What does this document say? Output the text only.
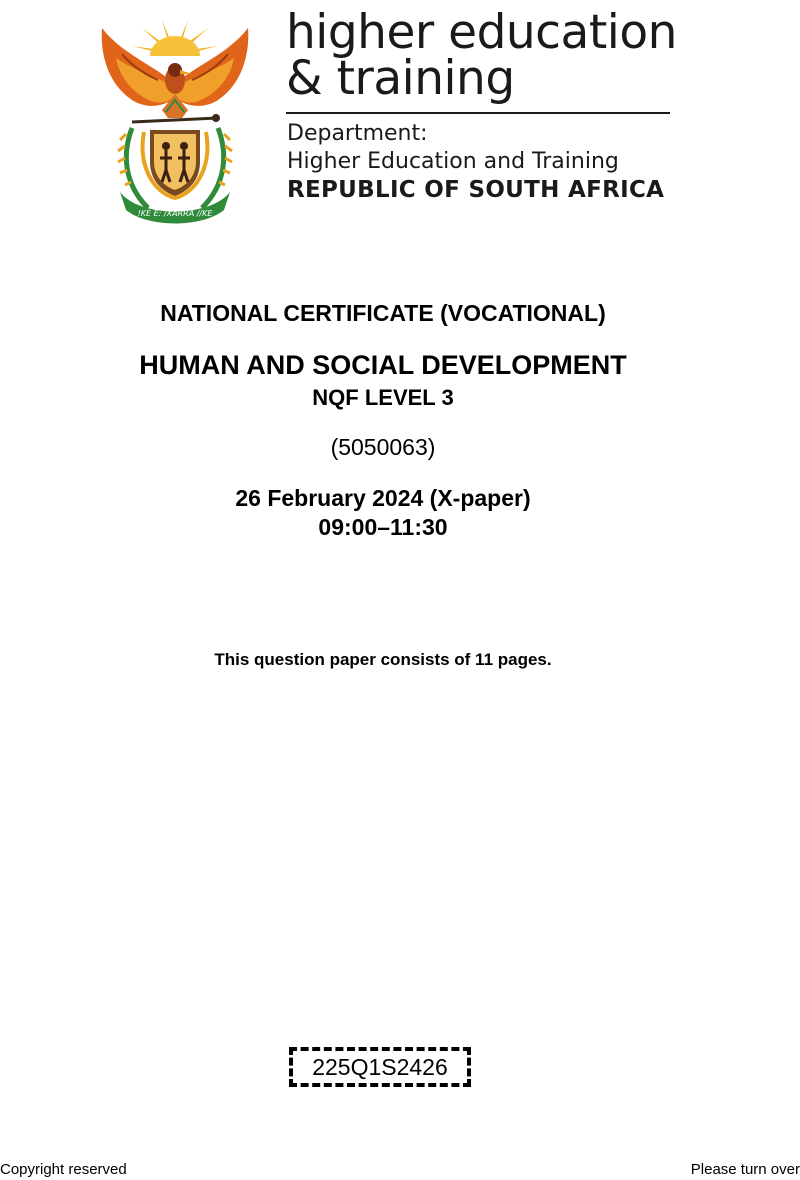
!KE E: /XARRA //KE
higher education
& training
Department:
Higher Education and Training
REPUBLIC OF SOUTH AFRICA
NATIONAL CERTIFICATE (VOCATIONAL)
HUMAN AND SOCIAL DEVELOPMENT
NQF LEVEL 3
(5050063)
26 February 2024 (X-paper)
09:00–11:30
This question paper consists of 11 pages.
225Q1S2426
Copyright reserved	Please turn over
